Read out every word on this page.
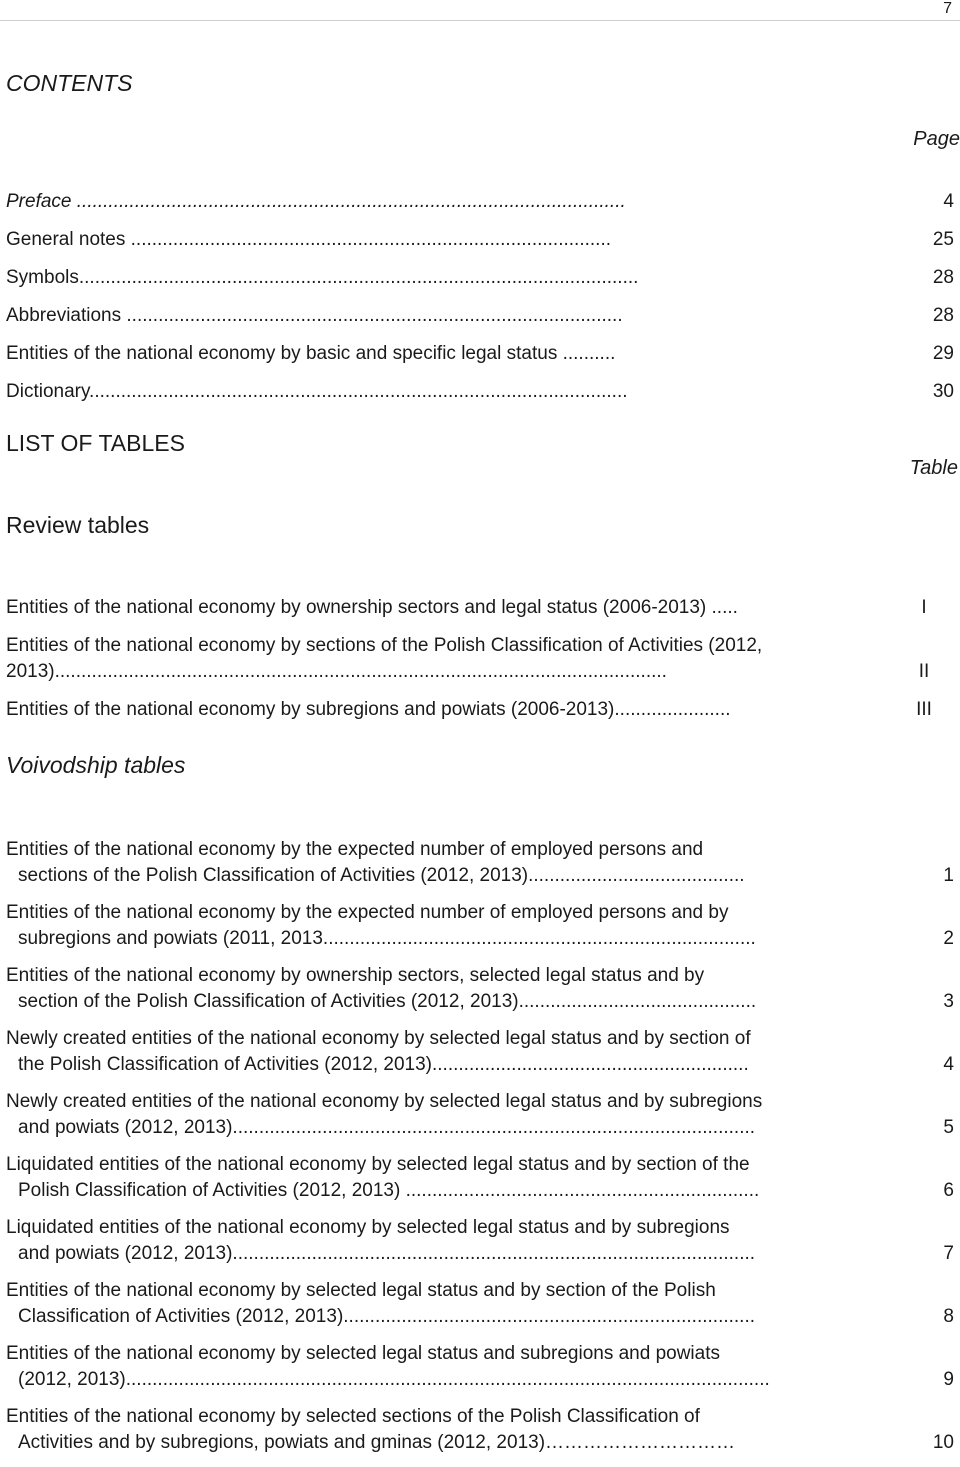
7
CONTENTS
Page
Preface ........................................................................................................	4
General notes ...........................................................................................	25
Symbols..........................................................................................................	28
Abbreviations ..............................................................................................	28
Entities of the national economy by basic and specific legal status ..........	29
Dictionary......................................................................................................	30
LIST OF TABLES
Table
Review tables
Entities of the national economy by ownership sectors and legal status (2006-2013) .....	I
Entities of the national economy by sections of the Polish Classification of Activities (2012,
2013)....................................................................................................................	II
Entities of the national economy by subregions and powiats (2006-2013)......................	III
Voivodship tables
Entities of the national economy by the expected number of employed persons and
sections of the Polish Classification of Activities (2012, 2013).........................................	1
Entities of the national economy by the expected number of employed persons and by
subregions and powiats (2011, 2013..................................................................................	2
Entities of the national economy by ownership sectors, selected legal status and by
section of the Polish Classification of Activities (2012, 2013).............................................	3
Newly created entities of the national economy by selected legal status and by section of
the Polish Classification of Activities (2012, 2013)............................................................	4
Newly created entities of the national economy by selected legal status and by subregions
and powiats (2012, 2013)...................................................................................................	5
Liquidated entities of the national economy by selected legal status and by section of the
Polish Classification of Activities (2012, 2013) ...................................................................	6
Liquidated entities of the national economy by selected legal status and by subregions
and powiats (2012, 2013)...................................................................................................	7
Entities of the national economy by selected legal status and by section of the Polish
Classification of Activities (2012, 2013)..............................................................................	8
Entities of the national economy by selected legal status and subregions and powiats
(2012, 2013)..........................................................................................................................	9
Entities of the national economy by selected sections of the Polish Classification of
Activities and by subregions, powiats and gminas (2012, 2013)…………………………	10
